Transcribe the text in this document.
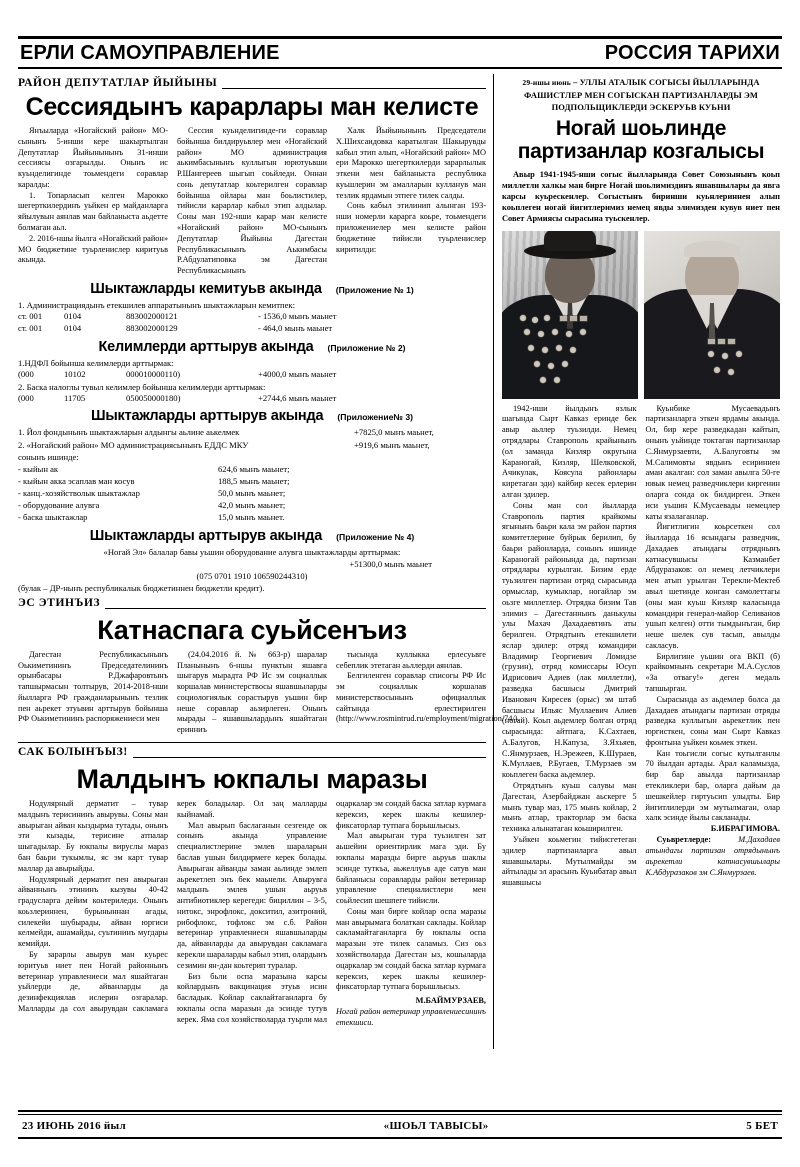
ЕРЛИ САМОУПРАВЛЕНИЕ	РОССИЯ ТАРИХИ
РАЙОН ДЕПУТАТЛАР ЙЫЙЫНЫ
Сессиядынъ карарлары ман келисте

Янъыларда «Ногайский район» МО-сынынъ 5-инши кере шакыртылган Депутатлар Йыйынынынъ 31-инши сессиясы озгарылды. Онынъ ис куьнделигинде тоьмендеги соравлар каралды:

1. Топарласып келген Марокко шегерткилердинъ уьйкен ер майданларга яйылувын аянлав ман байланыста аьдетте болмаган аьл.

2. 2016-ншы йылга «Ногайский район» МО бюджетине туьрленислер киритуьв акында.

Сессия куьнделигинде-ги соравлар бойынша билдируьвлер мен «Ногайский район» МО администрация аькимбасынынъ куллыгын юрютуьвши Р.Шангереев шыгып соьйледи. Оннан сонь депутатлар коьтерилген соравлар бойынша ойлары ман боьлистилер, тийисли карарлар кабыл этип алдылар. Соны ман 192-нши карар ман келисте «Ногайский район» МО-сынынъ Депутатлар Йыйыны Дагестан Республикасынынъ Аькимбасы Р.Абдулатиповка эм Дагестан Республикасынынъ

Халк Йыйынынынъ Председатели Х.Шихсаидовка каратылган Шакырувды кабыл этип алып, «Ногайский район» МО ери Марокко шегерткилерди зарарлылык эткени мен байланыста республика куьшлерин эм амалларын кулланув ман тезлик ярдамын этпеге тилек салды.

Сонь кабыл этилинип алынган 193-нши номерли карарга коьре, тоьмендеги приложениелер мен келисте район бюджетине тийисли туьрленислер киритилди:

Шыктажларды кемитуьв акында (Приложение № 1)
1. Администрациядынъ етекшилев аппаратынынъ шыктажларын кемитпек:
ст. 001	0104	883002000121	- 1536,0 мынъ маьнет
ст. 001	0104	883002000129	- 464,0 мынъ маьнет
Келимлерди арттырув акында (Приложение № 2)
1.НДФЛ бойынша келимлерди арттырмак:
(000	10102	000010000110)	+4000,0 мынъ маьнет
2. Баска налоглы тувыл келимлер бойынша келимлерди арттырмак:
(000	11705	050050000180)	+2744,6 мынъ маьнет
Шыктажларды арттырув акында (Приложение№ 3)
1. Йол фондынынъ шыктажларын алдынгы аьлине аькелмек	+7825,0 мынъ маьнет,
2. «Ногайский район» МО администрациясынынъ ЕДДС МКУ	+919,6 мынъ маьнет,
сонынъ ишинде:
- кыйын ак	624,6 мынъ маьнет;
- кыйын акка эсаплав ман косув	188,5 мынъ маьнет;
- канц.-хозяйстволык шыктажлар	50,0 мынъ маьнет;
- оборудование алувга	42,0 мынъ маьнет;
- баска шыктажлар	15,0 мынъ маьнет.
Шыктажларды арттырув акында (Приложение № 4)
«Ногай Эл» балалар бавы уьшин оборудование алувга шыктажларды арттырмак:
+51300,0 мынъ маьнет
(075 0701 1910 106590244310)
(булак – ДР-нынъ республикалык бюджетиннен бюджетли кредит).
ЭС ЭТИНЪИЗ
Катнаспага суьйсенъиз

Дагестан Республикасынынъ Оькиметининъ Председателининъ орынбасары Р.Джафаровтынъ тапшырмасын толтырув, 2014-2018-нши йылларга РФ гражданларынынъ тезлик пен аьрекет этуьвин арттырув бойынша РФ Оькиметининъ распоряжениеси мен

(24.04.2016 й. № 663-р) шаралар Планынынъ 6-ншы пунктын яшавга шыгарув мырадта РФ Ис эм социаллык коршалав министерствосы яшавшыларды социологиялык сорастырув уьшин бир неше соравлар аьзирлеген. Онынъ мырады – яшавшылардынъ яшайтаган еринниъ

тысында куллыкка ерлесуьвге себеплик этетаган аьллерди аянлав.

Белгиленген соравлар списогы РФ Ис эм социаллык коршалав министерствосынынъ официаллык сайтында ерлестирилген (http://www.rosmintrud.ru/employment/migration/74/).

САК БОЛЫНЪЫЗ!
Малдынъ юкпалы маразы

Нодулярный дерматит – тувар малдынъ терисининъ авырувы. Соны ман авырыган айван кыздырма тутады, онынъ эти кызады, терисине атпалар шыгадылар. Бу юкпалы вируслы марaз бан баьри тукымлы, яс эм карт тувар маллар да авырыйды.

Нодулярный дерматит пен авырыган айваннынъ этининъ кызувы 40-42 градусларга дейим коьтериледи. Онынъ коьзлериннен, бурыныннан агады, силекейи шубырады, айван юргиси келмейди, ашамайды, суьтининъ мугдары кемийди.

Бу зарарлы авырув ман куьрес юритуьв ниет пен Ногай районнынъ ветеринар управлениеси мал яшайтаган уьйлерди де, айванларды да дезинфекциялав ислерин озгаралар. Малларды да сол авырувдан сакламага керек боладылар. Ол заң малларды кыйнамай.

Мал авырып баслаганын сезгенде ок сонынъ акында управление специалистлерине эмлев шараларын баслав ушын билдирмеге керек болады. Авырыган айванды заман аьлинде эмлеп аьрекетлеп энъ бек маьнели. Авырувга малдынъ эмлев ушын аьруьв антибиотиклер керегеди: бициллин – 3-5, нитокс, энрофлокс, докситил, азитроний, рибофлокс, тофлокс эм с.б. Район ветеринар управлениеси яшавшыларды да, айванларды да авырувдан сакламага керекли шараларды кабыл этип, олардынъ сезимин ян-дан коьтерип туралар.

Биз бьли оспа маразына карсы койлардынъ вакцинация этуьв исин басладык. Койлар саклайтаганларга бу юкпалы оспа маразын да эсинде тутув керек. Яма сол хозяйстволарда туьрли мал оцаркалар эм сондай баска затлар курмага керексиз, керек шаклы кешилер-фиксаторлар тутпага борышлысыз.

Мал авырыган тура туьзилген зат аьшейин ориентирлик мага эди. Бу юкпалы маразды бирге аьруьв шаклы эсинде туткъа, аьжеллуьв аде сатув ман байланысы соравларды район ветеринар управление специалистлери мен соьйлесип шешпеге тийисли.

Соны ман бирге койлар оспа маразы ман авырымага болаткан саклады. Койлар сакламайтаганларга бу юкпалы оспа маразын эте тилек саламыз. Сиз оьз хозяйстволарда Дагестан ыз, кошыларда оцаркалар эм сондай баска затлар курмага керексиз, керек шаклы кешилер-фиксаторлар тутпага борышлысыз.

М.БАЙМУРЗАЕВ,

Ногай район ветеринар управлениесининъ етекшиси.

29-ншы июнь – УЛЛЫ АТАЛЫК СОГЫСЫ ЙЫЛЛАРЫНДА ФАШИСТЛЕР МЕН СОГЫСКАН ПАРТИЗАНЛАРДЫ ЭМ ПОДПОЛЬЩИКЛЕРДИ ЭСКЕРУЬВ КУЬНИ
Ногай шоьлинде партизанлар козгалысы

Авыр 1941-1945-нши согыс йылларында Совет Союзынынъ коьп миллетли халкы ман бирге Ногай шоьлимиздинъ яшавшылары да явга карсы куьрескенлер. Согыстынъ биринши куьнлериннен алып коьплеген ногай йигитлеримиз немец явды элимизден кувув ниет пен Совет Армиясы сырасына туьскенлер.

1942-нши йылдынъ язлык шагында Сырт Кавказ ериндe бек авыр аьллер туьзилди. Немец отрядлары Ставрополь крайынынъ (ол заманда Кизляр округына Караногай, Кизляр, Шелковской, Ачикулак, Коясулa районлары киретаган эди) кайбир кесек ерлерин алган эдилер.

Соны ман сол йылларда Ставрополь партия крайкомы ягынынъ баьри кала эм район партия комитетлерине буйрык берилип, бу баьри районларда, сонынъ ишинде Караногай районында да, партизан отрядлары курылган. Бизим ерде туьзилген партизан отряд сырасында ормыслар, кумыклар, ногайлар эм оьзге миллетлер. Отрядка бизим Тав элимиз – Дагестаннынъ данькулы улы Махач Дахадаевтинъ аты берилген. Отрядтынъ етекшилети яслар эдилер: отряд командири Владимир Георгиевич Ломидзе (грузин), отряд комиссары Юсуп Идрисович Адиев (лак миллетли), разведка басшысы Дмитрий Иванович Киресев (орыс) эм штаб басшысы Ильяс Муллаевич Алиев (ногай). Коьп аьдемлер болган отряд сырасында: айтпага, К.Сахтаев, А.Балугов, Н.Капуза, З.Яхьяев, С.Янмурзаев, Н.Эрежеев, К.Шураев, К.Муллаев, Р.Бугаев, Т.Мурзаев эм коьплеген баска аьдемлер.

Отрядтынъ куьш салувы ман Дагестан, Азербайджан аьскерге 5 мынъ тувар маз, 175 мынъ койлар, 2 мынъ атлар, тракторлар эм баска техника алынатаган коьширилген.

Уьйкен коьмегин тийисгетеган эдилер партизанларга авыл яшавшылары. Мутылмайды эм айтылады эл арасынъ Куьнбатар авыл яшавшысы

Куьнбике Мусаевадынъ партизанларга эткен ярдамы акында. Ол, бир кере разведкадан кайтып, онынъ уьйинде токтаган партизанлар С.Янмурзаевти, А.Балуговты эм М.Салимовты явдынъ есириннен аман акалган: сол заман авылга 50-ге ювык немец разведчиклери киргенин оларга сонда ок билдирген. Эткен иси уьшин К.Мусаевады немецлер каты язалаганлар.

Йигитлигин коьрсеткен сол йылларда 16 ясындагы разведчик, Дахадаев атындагы отряднынъ катнасувшысы Казманбет Абдуразаков: ол немец летчиклери мен атып урылган Терекли-Мектеб авыл шетинде конган самолеттагы (оны ман куьш Кизляр каласында командири генерал-майор Селиванов ушып келген) отти тымдынъган, бир неше шелек сув тасып, авылды сакласув.

Бирлигине уьшин ога ВКП (б) крайкомнынъ секретари М.А.Суслов «За отвагу!» деген медаль тапшырган.

Сырасында аз аьдемлер болса да Дахадаев атындагы партизан отряды разведка куллыгын аьрекетлик пен юргисткен, соны ман Сырт Кавказ фронтына уьйкен коьмек эткен.

Кан тоьгисли согыс кутылганлы 70 йылдан артады. Арал каламызда, бир бар авылда партизанлар етекликлери бар, оларга дайым да шешкейлер гиртуьсип улыдты. Бир йигитлилерди эм мутылмаган, олар халк эсинде йылы сакланады.

Б.ИБРАГИМОВА.

Суьвретлерде: М.Дахадаев атындагы партизан отрядынынъ аьрекетли катнасувшылары К.Абдуразаков эм С.Янмурзаев.

23 ИЮНЬ 2016 йыл	«ШОЬЛ ТАВЫСЫ»	5 БЕТ
